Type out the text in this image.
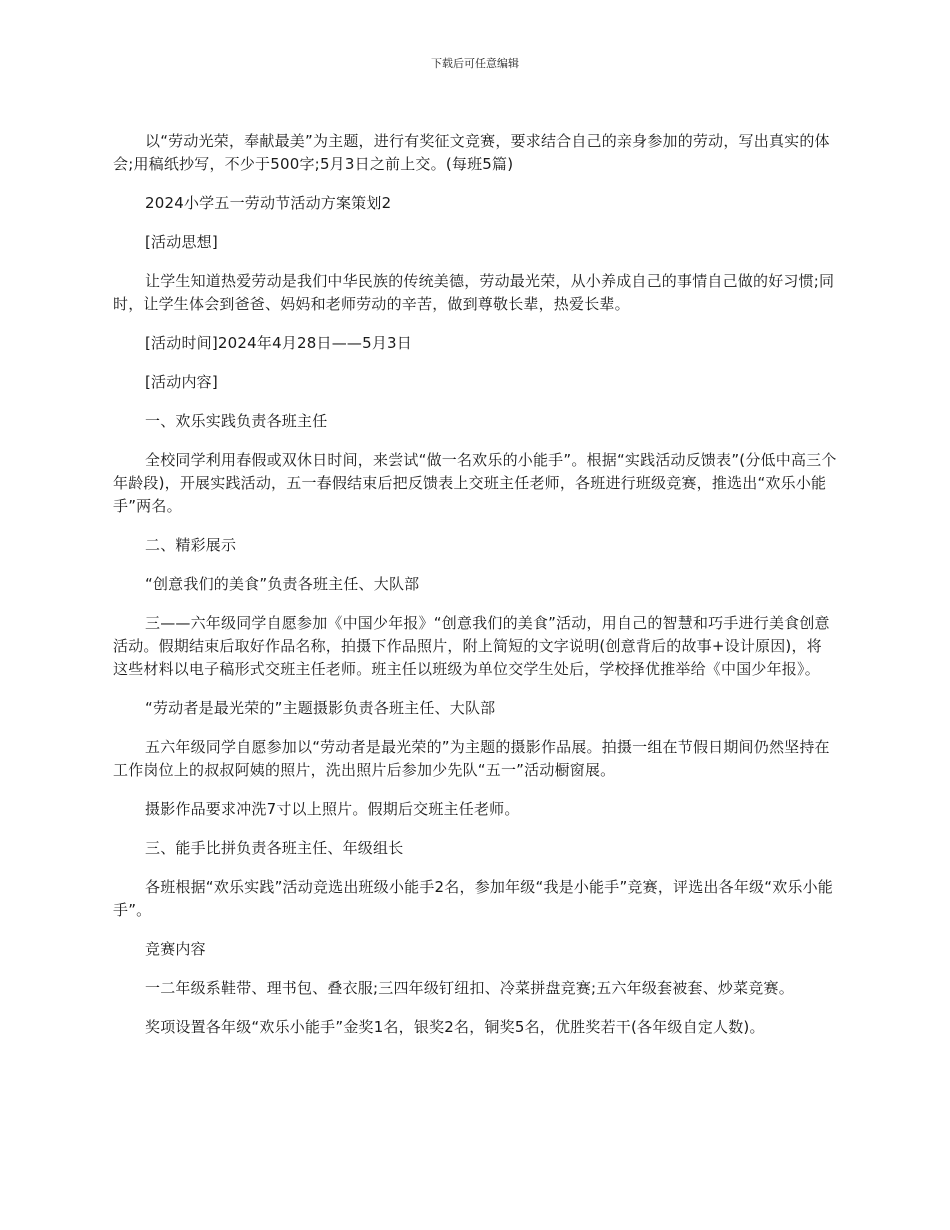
下载后可任意编辑

以“劳动光荣，奉献最美”为主题，进行有奖征文竞赛，要求结合自己的亲身参加的劳动，写出真实的体会;用稿纸抄写，不少于500字;5月3日之前上交。(每班5篇)

2024小学五一劳动节活动方案策划2

[活动思想]

让学生知道热爱劳动是我们中华民族的传统美德，劳动最光荣，从小养成自己的事情自己做的好习惯;同时，让学生体会到爸爸、妈妈和老师劳动的辛苦，做到尊敬长辈，热爱长辈。

[活动时间]2024年4月28日——5月3日

[活动内容]

一、欢乐实践负责各班主任

全校同学利用春假或双休日时间，来尝试“做一名欢乐的小能手”。根据“实践活动反馈表”(分低中高三个年龄段)，开展实践活动，五一春假结束后把反馈表上交班主任老师，各班进行班级竞赛，推选出“欢乐小能手”两名。

二、精彩展示

“创意我们的美食”负责各班主任、大队部

三——六年级同学自愿参加《中国少年报》“创意我们的美食”活动，用自己的智慧和巧手进行美食创意活动。假期结束后取好作品名称，拍摄下作品照片，附上简短的文字说明(创意背后的故事+设计原因)，将这些材料以电子稿形式交班主任老师。班主任以班级为单位交学生处后，学校择优推举给《中国少年报》。

“劳动者是最光荣的”主题摄影负责各班主任、大队部

五六年级同学自愿参加以“劳动者是最光荣的”为主题的摄影作品展。拍摄一组在节假日期间仍然坚持在工作岗位上的叔叔阿姨的照片，洗出照片后参加少先队“五一”活动橱窗展。

摄影作品要求冲洗7寸以上照片。假期后交班主任老师。

三、能手比拼负责各班主任、年级组长

各班根据“欢乐实践”活动竞选出班级小能手2名，参加年级“我是小能手”竞赛，评选出各年级“欢乐小能手”。

竞赛内容

一二年级系鞋带、理书包、叠衣服;三四年级钉纽扣、冷菜拼盘竞赛;五六年级套被套、炒菜竞赛。

奖项设置各年级“欢乐小能手”金奖1名，银奖2名，铜奖5名，优胜奖若干(各年级自定人数)。
